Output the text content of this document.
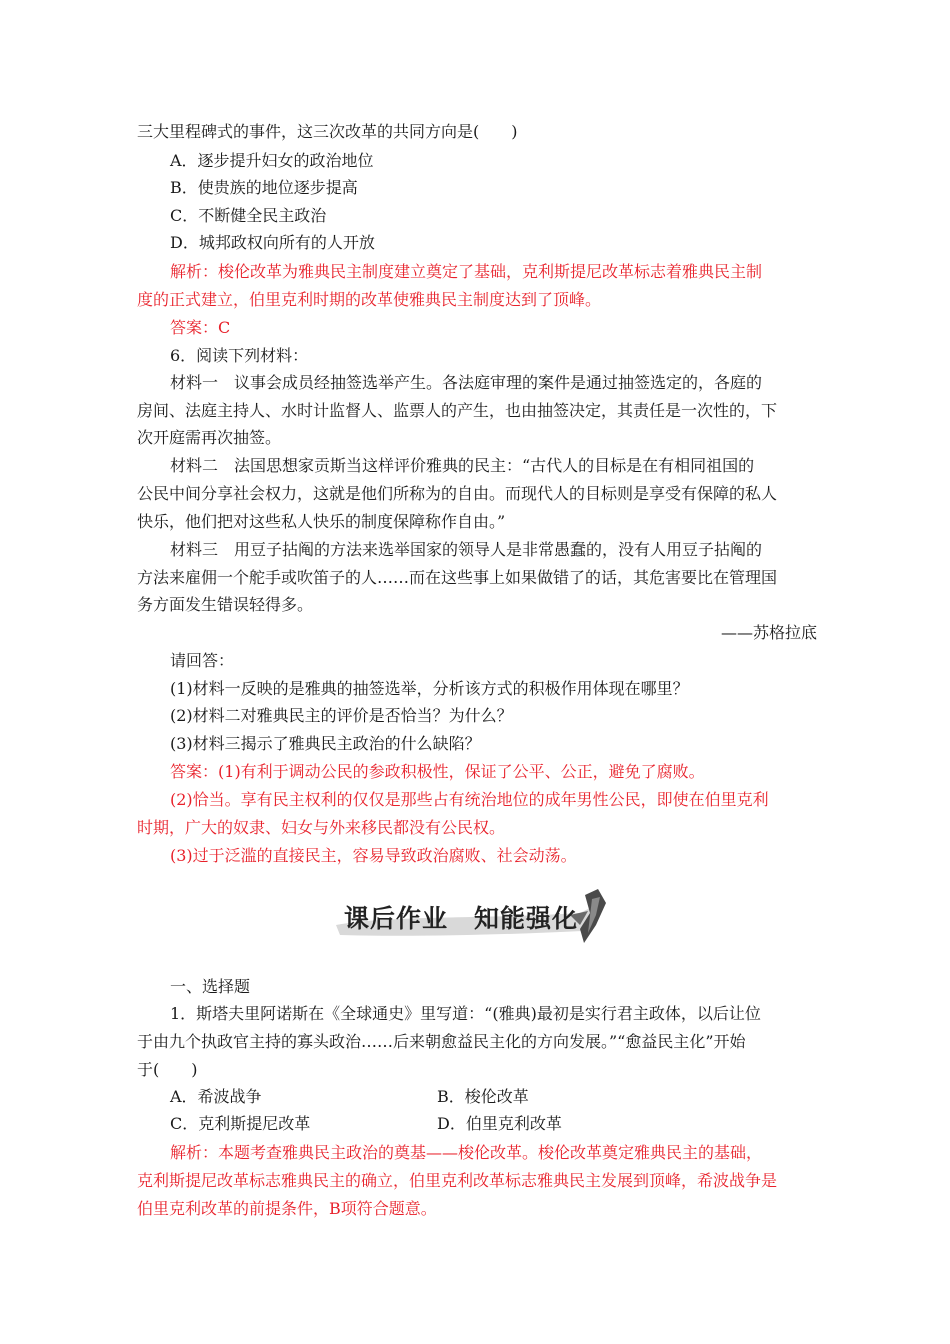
三大里程碑式的事件，这三次改革的共同方向是(　　)
A．逐步提升妇女的政治地位
B．使贵族的地位逐步提高
C．不断健全民主政治
D．城邦政权向所有的人开放
解析：梭伦改革为雅典民主制度建立奠定了基础，克利斯提尼改革标志着雅典民主制
度的正式建立，伯里克利时期的改革使雅典民主制度达到了顶峰。
答案：C
6．阅读下列材料：
材料一　议事会成员经抽签选举产生。各法庭审理的案件是通过抽签选定的，各庭的
房间、法庭主持人、水时计监督人、监票人的产生，也由抽签决定，其责任是一次性的，下
次开庭需再次抽签。
材料二　法国思想家贡斯当这样评价雅典的民主：“古代人的目标是在有相同祖国的
公民中间分享社会权力，这就是他们所称为的自由。而现代人的目标则是享受有保障的私人
快乐，他们把对这些私人快乐的制度保障称作自由。”
材料三　用豆子拈阄的方法来选举国家的领导人是非常愚蠢的，没有人用豆子拈阄的
方法来雇佣一个舵手或吹笛子的人……而在这些事上如果做错了的话，其危害要比在管理国
务方面发生错误轻得多。
——苏格拉底
请回答：
(1)材料一反映的是雅典的抽签选举，分析该方式的积极作用体现在哪里？
(2)材料二对雅典民主的评价是否恰当？为什么？
(3)材料三揭示了雅典民主政治的什么缺陷？
答案：(1)有利于调动公民的参政积极性，保证了公平、公正，避免了腐败。
(2)恰当。享有民主权利的仅仅是那些占有统治地位的成年男性公民，即使在伯里克利
时期，广大的奴隶、妇女与外来移民都没有公民权。
(3)过于泛滥的直接民主，容易导致政治腐败、社会动荡。
课后作业　知能强化
一、选择题
1．斯塔夫里阿诺斯在《全球通史》里写道：“(雅典)最初是实行君主政体，以后让位
于由九个执政官主持的寡头政治……后来朝愈益民主化的方向发展。”“愈益民主化”开始
于(　　)
A．希波战争	B．梭伦改革
C．克利斯提尼改革	D．伯里克利改革
解析：本题考查雅典民主政治的奠基——梭伦改革。梭伦改革奠定雅典民主的基础，
克利斯提尼改革标志雅典民主的确立，伯里克利改革标志雅典民主发展到顶峰，希波战争是
伯里克利改革的前提条件，B项符合题意。
